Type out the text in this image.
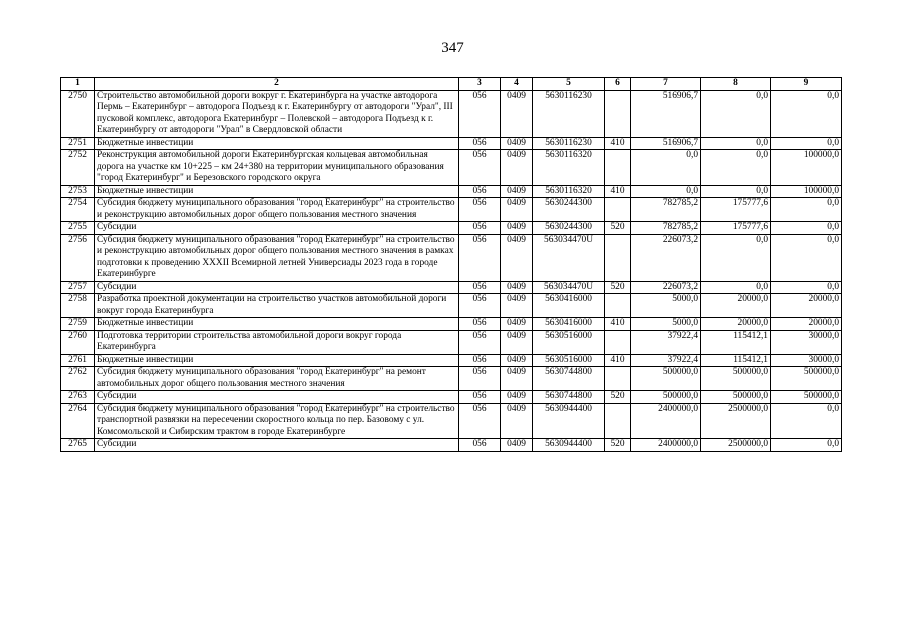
347
1	2	3	4	5	6	7	8	9
2750	Строительство автомобильной дороги вокруг г. Екатеринбурга на участке автодорога Пермь – Екатеринбург – автодорога Подъезд к г. Екатеринбургу от автодороги "Урал", III пусковой комплекс, автодорога Екатеринбург – Полевской – автодорога Подъезд к г. Екатеринбургу от автодороги "Урал" в Свердловской области	056	0409	5630116230		516906,7	0,0	0,0
2751	Бюджетные инвестиции	056	0409	5630116230	410	516906,7	0,0	0,0
2752	Реконструкция автомобильной дороги Екатеринбургская кольцевая автомобильная дорога на участке км 10+225 – км 24+380 на территории муниципального образования "город Екатеринбург" и Березовского городского округа	056	0409	5630116320		0,0	0,0	100000,0
2753	Бюджетные инвестиции	056	0409	5630116320	410	0,0	0,0	100000,0
2754	Субсидия бюджету муниципального образования "город Екатеринбург" на строительство и реконструкцию автомобильных дорог общего пользования местного значения	056	0409	5630244300		782785,2	175777,6	0,0
2755	Субсидии	056	0409	5630244300	520	782785,2	175777,6	0,0
2756	Субсидия бюджету муниципального образования "город Екатеринбург" на строительство и реконструкцию автомобильных дорог общего пользования местного значения в рамках подготовки к проведению XXXII Всемирной летней Универсиады 2023 года в городе Екатеринбурге	056	0409	563034470U		226073,2	0,0	0,0
2757	Субсидии	056	0409	563034470U	520	226073,2	0,0	0,0
2758	Разработка проектной документации на строительство участков автомобильной дороги вокруг города Екатеринбурга	056	0409	5630416000		5000,0	20000,0	20000,0
2759	Бюджетные инвестиции	056	0409	5630416000	410	5000,0	20000,0	20000,0
2760	Подготовка территории строительства автомобильной дороги вокруг города Екатеринбурга	056	0409	5630516000		37922,4	115412,1	30000,0
2761	Бюджетные инвестиции	056	0409	5630516000	410	37922,4	115412,1	30000,0
2762	Субсидия бюджету муниципального образования "город Екатеринбург" на ремонт автомобильных дорог общего пользования местного значения	056	0409	5630744800		500000,0	500000,0	500000,0
2763	Субсидии	056	0409	5630744800	520	500000,0	500000,0	500000,0
2764	Субсидия бюджету муниципального образования "город Екатеринбург" на строительство транспортной развязки на пересечении скоростного кольца по пер. Базовому с ул. Комсомольской и Сибирским трактом в городе Екатеринбурге	056	0409	5630944400		2400000,0	2500000,0	0,0
2765	Субсидии	056	0409	5630944400	520	2400000,0	2500000,0	0,0
